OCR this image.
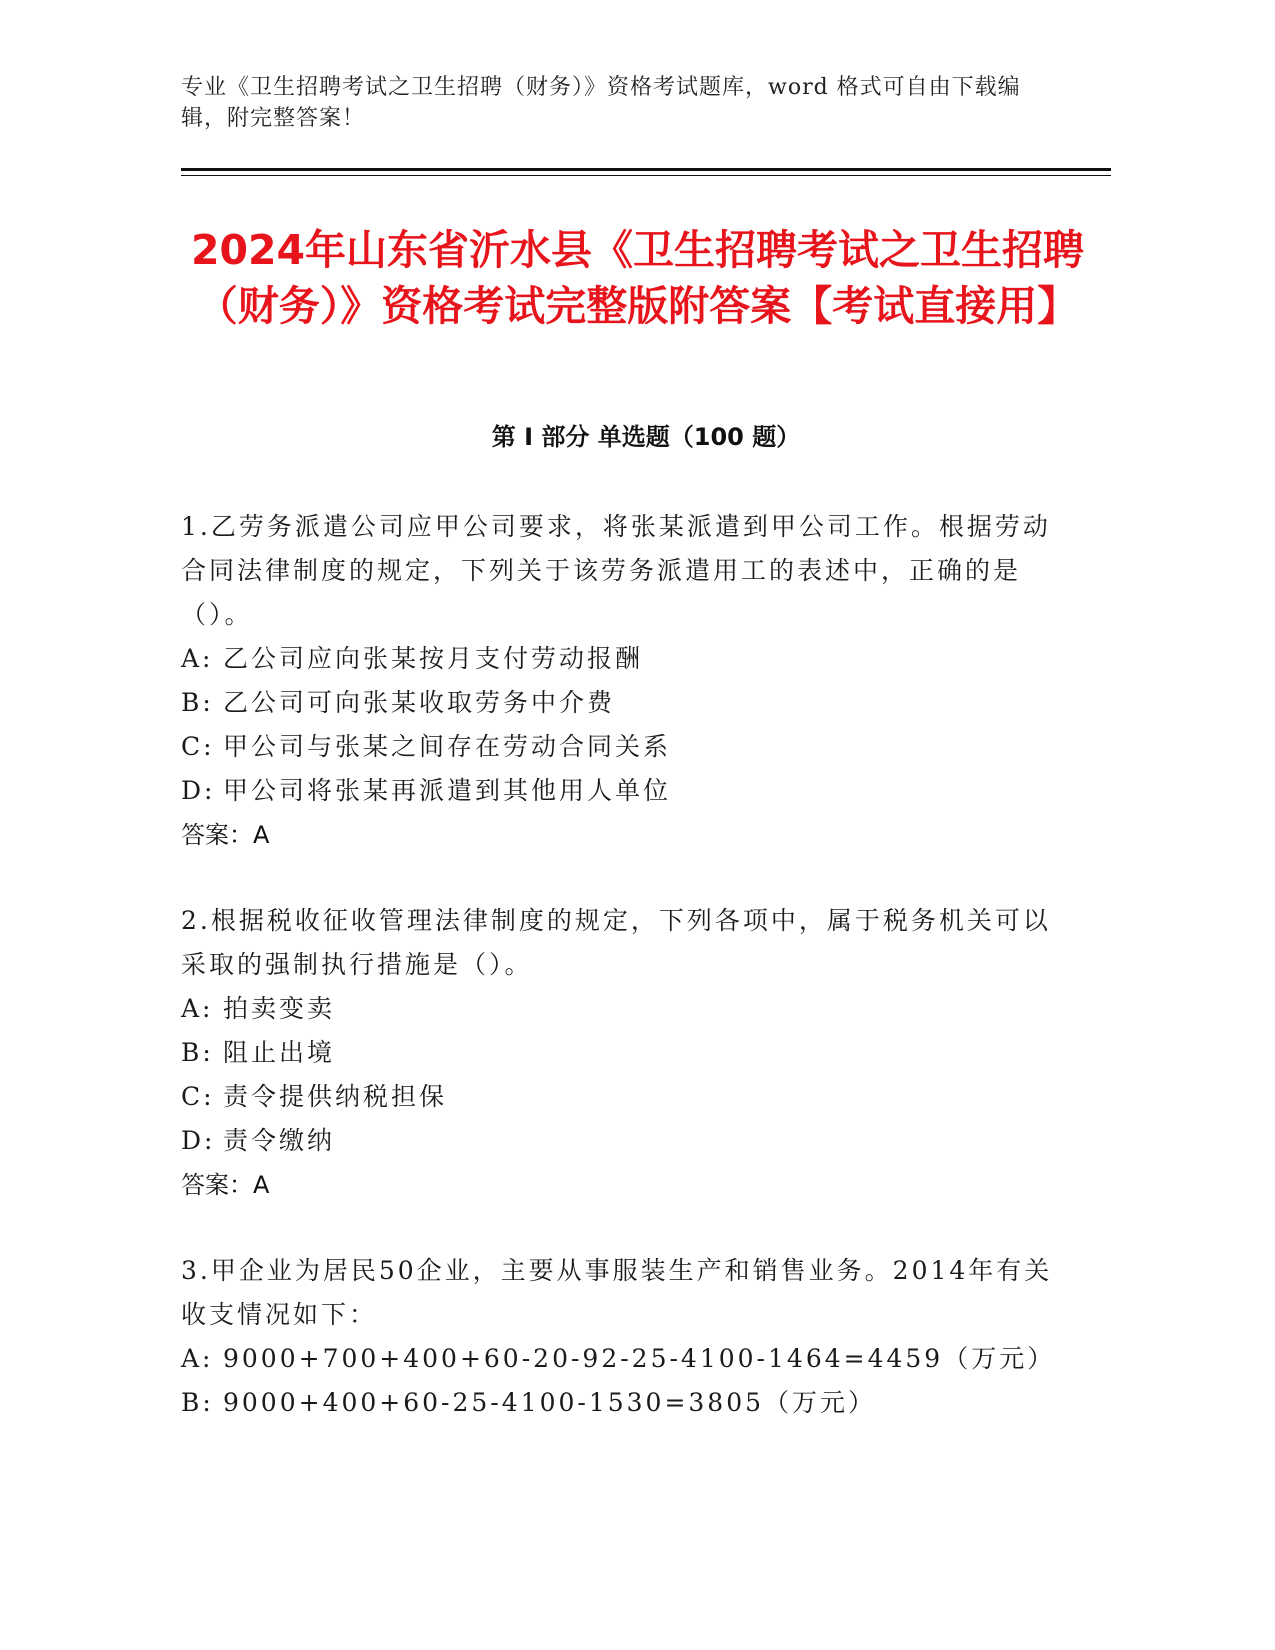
专业《卫生招聘考试之卫生招聘（财务）》资格考试题库，word 格式可自由下载编辑，附完整答案！
2024年山东省沂水县《卫生招聘考试之卫生招聘（财务）》资格考试完整版附答案【考试直接用】
第 I 部分 单选题（100 题）

1.乙劳务派遣公司应甲公司要求，将张某派遣到甲公司工作。根据劳动合同法律制度的规定，下列关于该劳务派遣用工的表述中，正确的是（）。

A: 乙公司应向张某按月支付劳动报酬

B: 乙公司可向张某收取劳务中介费

C: 甲公司与张某之间存在劳动合同关系

D: 甲公司将张某再派遣到其他用人单位

答案：A

2.根据税收征收管理法律制度的规定，下列各项中，属于税务机关可以采取的强制执行措施是（）。

A: 拍卖变卖

B: 阻止出境

C: 责令提供纳税担保

D: 责令缴纳

答案：A

3.甲企业为居民50企业，主要从事服装生产和销售业务。2014年有关收支情况如下：

A: 9000+700+400+60-20-92-25-4100-1464=4459（万元）

B: 9000+400+60-25-4100-1530=3805（万元）
